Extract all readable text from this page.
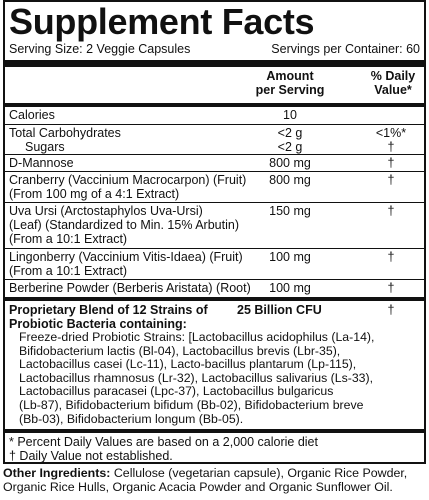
Supplement Facts
Serving Size: 2 Veggie Capsules	Servings per Container: 60
Amount
per Serving
% Daily
Value*
Calories	10
Total Carbohydrates	<2 g	<1%*
Sugars	<2 g	†
D-Mannose	800 mg	†
Cranberry (Vaccinium Macrocarpon) (Fruit)
(From 100 mg of a 4:1 Extract)
800 mg	†
Uva Ursi (Arctostaphylos Uva-Ursi)
(Leaf) (Standardized to Min. 15% Arbutin)
(From a 10:1 Extract)
150 mg	†
Lingonberry (Vaccinium Vitis-Idaea) (Fruit)
(From a 10:1 Extract)
100 mg	†
Berberine Powder (Berberis Aristata) (Root)	100 mg	†
Proprietary Blend of 12 Strains of
Probiotic Bacteria containing:
25 Billion CFU	†
Freeze-dried Probiotic Strains: [Lactobacillus acidophilus (La-14),
Bifidobacterium lactis (Bl-04), Lactobacillus brevis (Lbr-35),
Lactobacillus casei (Lc-11), Lacto-bacillus plantarum (Lp-115),
Lactobacillus rhamnosus (Lr-32), Lactobacillus salivarius (Ls-33),
Lactobacillus paracasei (Lpc-37), Lactobacillus bulgaricus
(Lb-87), Bifidobacterium bifidum (Bb-02), Bifidobacterium breve
(Bb-03), Bifidobacterium longum (Bb-05).
* Percent Daily Values are based on a 2,000 calorie diet
† Daily Value not established.
Other Ingredients: Cellulose (vegetarian capsule), Organic Rice Powder,
Organic Rice Hulls, Organic Acacia Powder and Organic Sunflower Oil.
